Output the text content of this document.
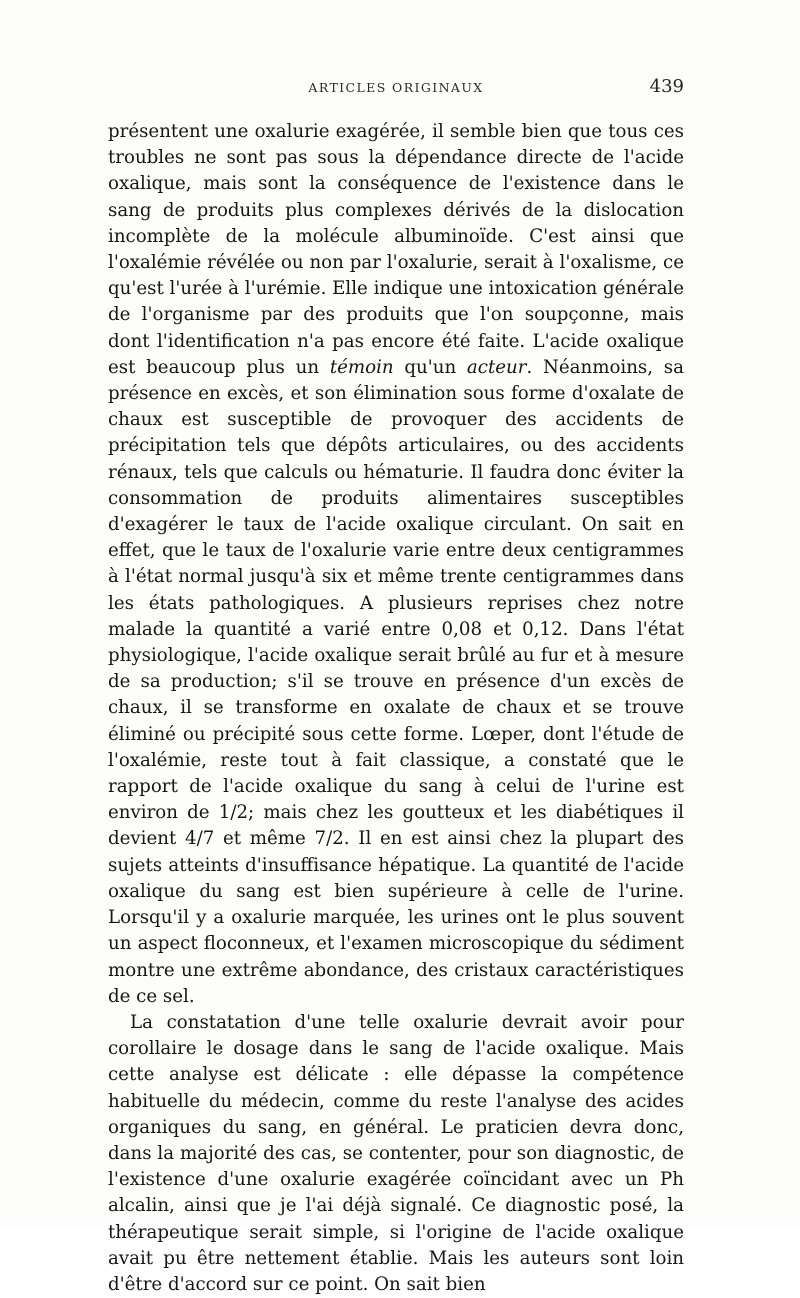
ARTICLES ORIGINAUX	439

présentent une oxalurie exagérée, il semble bien que tous ces troubles ne sont pas sous la dépendance directe de l'acide oxalique, mais sont la conséquence de l'existence dans le sang de produits plus complexes dérivés de la dislocation incomplète de la molécule albuminoïde. C'est ainsi que l'oxalémie révélée ou non par l'oxalurie, serait à l'oxalisme, ce qu'est l'urée à l'urémie. Elle indique une intoxication générale de l'organisme par des produits que l'on soupçonne, mais dont l'identification n'a pas encore été faite. L'acide oxalique est beaucoup plus un témoin qu'un acteur. Néanmoins, sa présence en excès, et son élimination sous forme d'oxalate de chaux est susceptible de provoquer des accidents de précipitation tels que dépôts articulaires, ou des accidents rénaux, tels que calculs ou hématurie. Il faudra donc éviter la consommation de produits alimentaires susceptibles d'exagérer le taux de l'acide oxalique circulant. On sait en effet, que le taux de l'oxalurie varie entre deux centigrammes à l'état normal jusqu'à six et même trente centigrammes dans les états pathologiques. A plusieurs reprises chez notre malade la quantité a varié entre 0,08 et 0,12. Dans l'état physiologique, l'acide oxalique serait brûlé au fur et à mesure de sa production; s'il se trouve en présence d'un excès de chaux, il se transforme en oxalate de chaux et se trouve éliminé ou précipité sous cette forme. Lœper, dont l'étude de l'oxalémie, reste tout à fait classique, a constaté que le rapport de l'acide oxalique du sang à celui de l'urine est environ de 1/2; mais chez les goutteux et les diabétiques il devient 4/7 et même 7/2. Il en est ainsi chez la plupart des sujets atteints d'insuffisance hépatique. La quantité de l'acide oxalique du sang est bien supérieure à celle de l'urine. Lorsqu'il y a oxalurie marquée, les urines ont le plus souvent un aspect floconneux, et l'examen microscopique du sédiment montre une extrême abondance, des cristaux caractéristiques de ce sel.

La constatation d'une telle oxalurie devrait avoir pour corollaire le dosage dans le sang de l'acide oxalique. Mais cette analyse est délicate : elle dépasse la compétence habituelle du médecin, comme du reste l'analyse des acides organiques du sang, en général. Le praticien devra donc, dans la majorité des cas, se contenter, pour son diagnostic, de l'existence d'une oxalurie exagérée coïncidant avec un Ph alcalin, ainsi que je l'ai déjà signalé. Ce diagnostic posé, la thérapeutique serait simple, si l'origine de l'acide oxalique avait pu être nettement établie. Mais les auteurs sont loin d'être d'accord sur ce point. On sait bien
